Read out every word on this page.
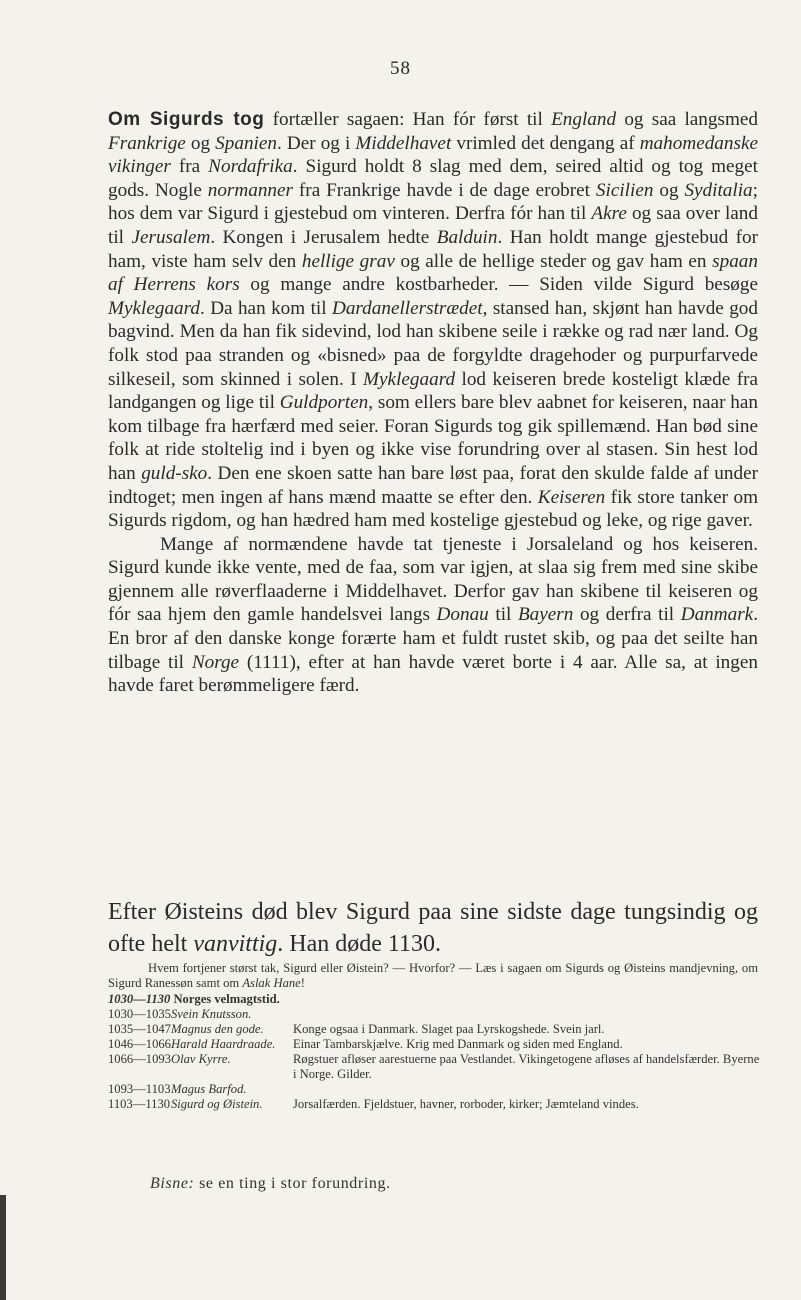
58

Om Sigurds tog fortæller sagaen: Han fór først til England og saa langsmed Frankrige og Spanien. Der og i Middelhavet vrimled det dengang af mahomedanske vikinger fra Nordafrika. Sigurd holdt 8 slag med dem, seired altid og tog meget gods. Nogle normanner fra Frankrige havde i de dage erobret Sicilien og Syditalia; hos dem var Sigurd i gjestebud om vinteren. Derfra fór han til Akre og saa over land til Jerusalem. Kongen i Jerusalem hedte Balduin. Han holdt mange gjestebud for ham, viste ham selv den hellige grav og alle de hellige steder og gav ham en spaan af Herrens kors og mange andre kostbarheder. — Siden vilde Sigurd besøge Myklegaard. Da han kom til Dardanellerstrædet, stansed han, skjønt han havde god bagvind. Men da han fik sidevind, lod han skibene seile i række og rad nær land. Og folk stod paa stranden og «bisned» paa de forgyldte dragehoder og purpurfarvede silkeseil, som skinned i solen. I Myklegaard lod keiseren brede kosteligt klæde fra landgangen og lige til Guldporten, som ellers bare blev aabnet for keiseren, naar han kom tilbage fra hærfærd med seier. Foran Sigurds tog gik spillemænd. Han bød sine folk at ride stoltelig ind i byen og ikke vise forundring over al stasen. Sin hest lod han guld-sko. Den ene skoen satte han bare løst paa, forat den skulde falde af under indtoget; men ingen af hans mænd maatte se efter den. Keiseren fik store tanker om Sigurds rigdom, og han hædred ham med kostelige gjestebud og leke, og rige gaver.

Mange af normændene havde tat tjeneste i Jorsaleland og hos keiseren. Sigurd kunde ikke vente, med de faa, som var igjen, at slaa sig frem med sine skibe gjennem alle røverflaaderne i Middelhavet. Derfor gav han skibene til keiseren og fór saa hjem den gamle handelsvei langs Donau til Bayern og derfra til Danmark. En bror af den danske konge forærte ham et fuldt rustet skib, og paa det seilte han tilbage til Norge (1111), efter at han havde været borte i 4 aar. Alle sa, at ingen havde faret berømmeligere færd.

Efter Øisteins død blev Sigurd paa sine sidste dage tungsindig og ofte helt vanvittig. Han døde 1130.
Hvem fortjener størst tak, Sigurd eller Øistein? — Hvorfor? — Læs i sagaen om Sigurds og Øisteins mandjevning, om Sigurd Ranessøn samt om Aslak Hane!
1030—1130 Norges velmagtstid.
1030—1035	Svein Knutsson.	
1035—1047	Magnus den gode.	Konge ogsaa i Danmark. Slaget paa Lyrskogshede. Svein jarl.
1046—1066	Harald Haardraade.	Einar Tambarskjælve. Krig med Danmark og siden med England.
1066—1093	Olav Kyrre.	Røgstuer afløser aarestuerne paa Vestlandet. Vikingetogene afløses af handelsfærder. Byerne i Norge. Gilder.
1093—1103	Magus Barfod.	
1103—1130	Sigurd og Øistein.	Jorsalfærden. Fjeldstuer, havner, rorboder, kirker; Jæmteland vindes.
Bisne: se en ting i stor forundring.
